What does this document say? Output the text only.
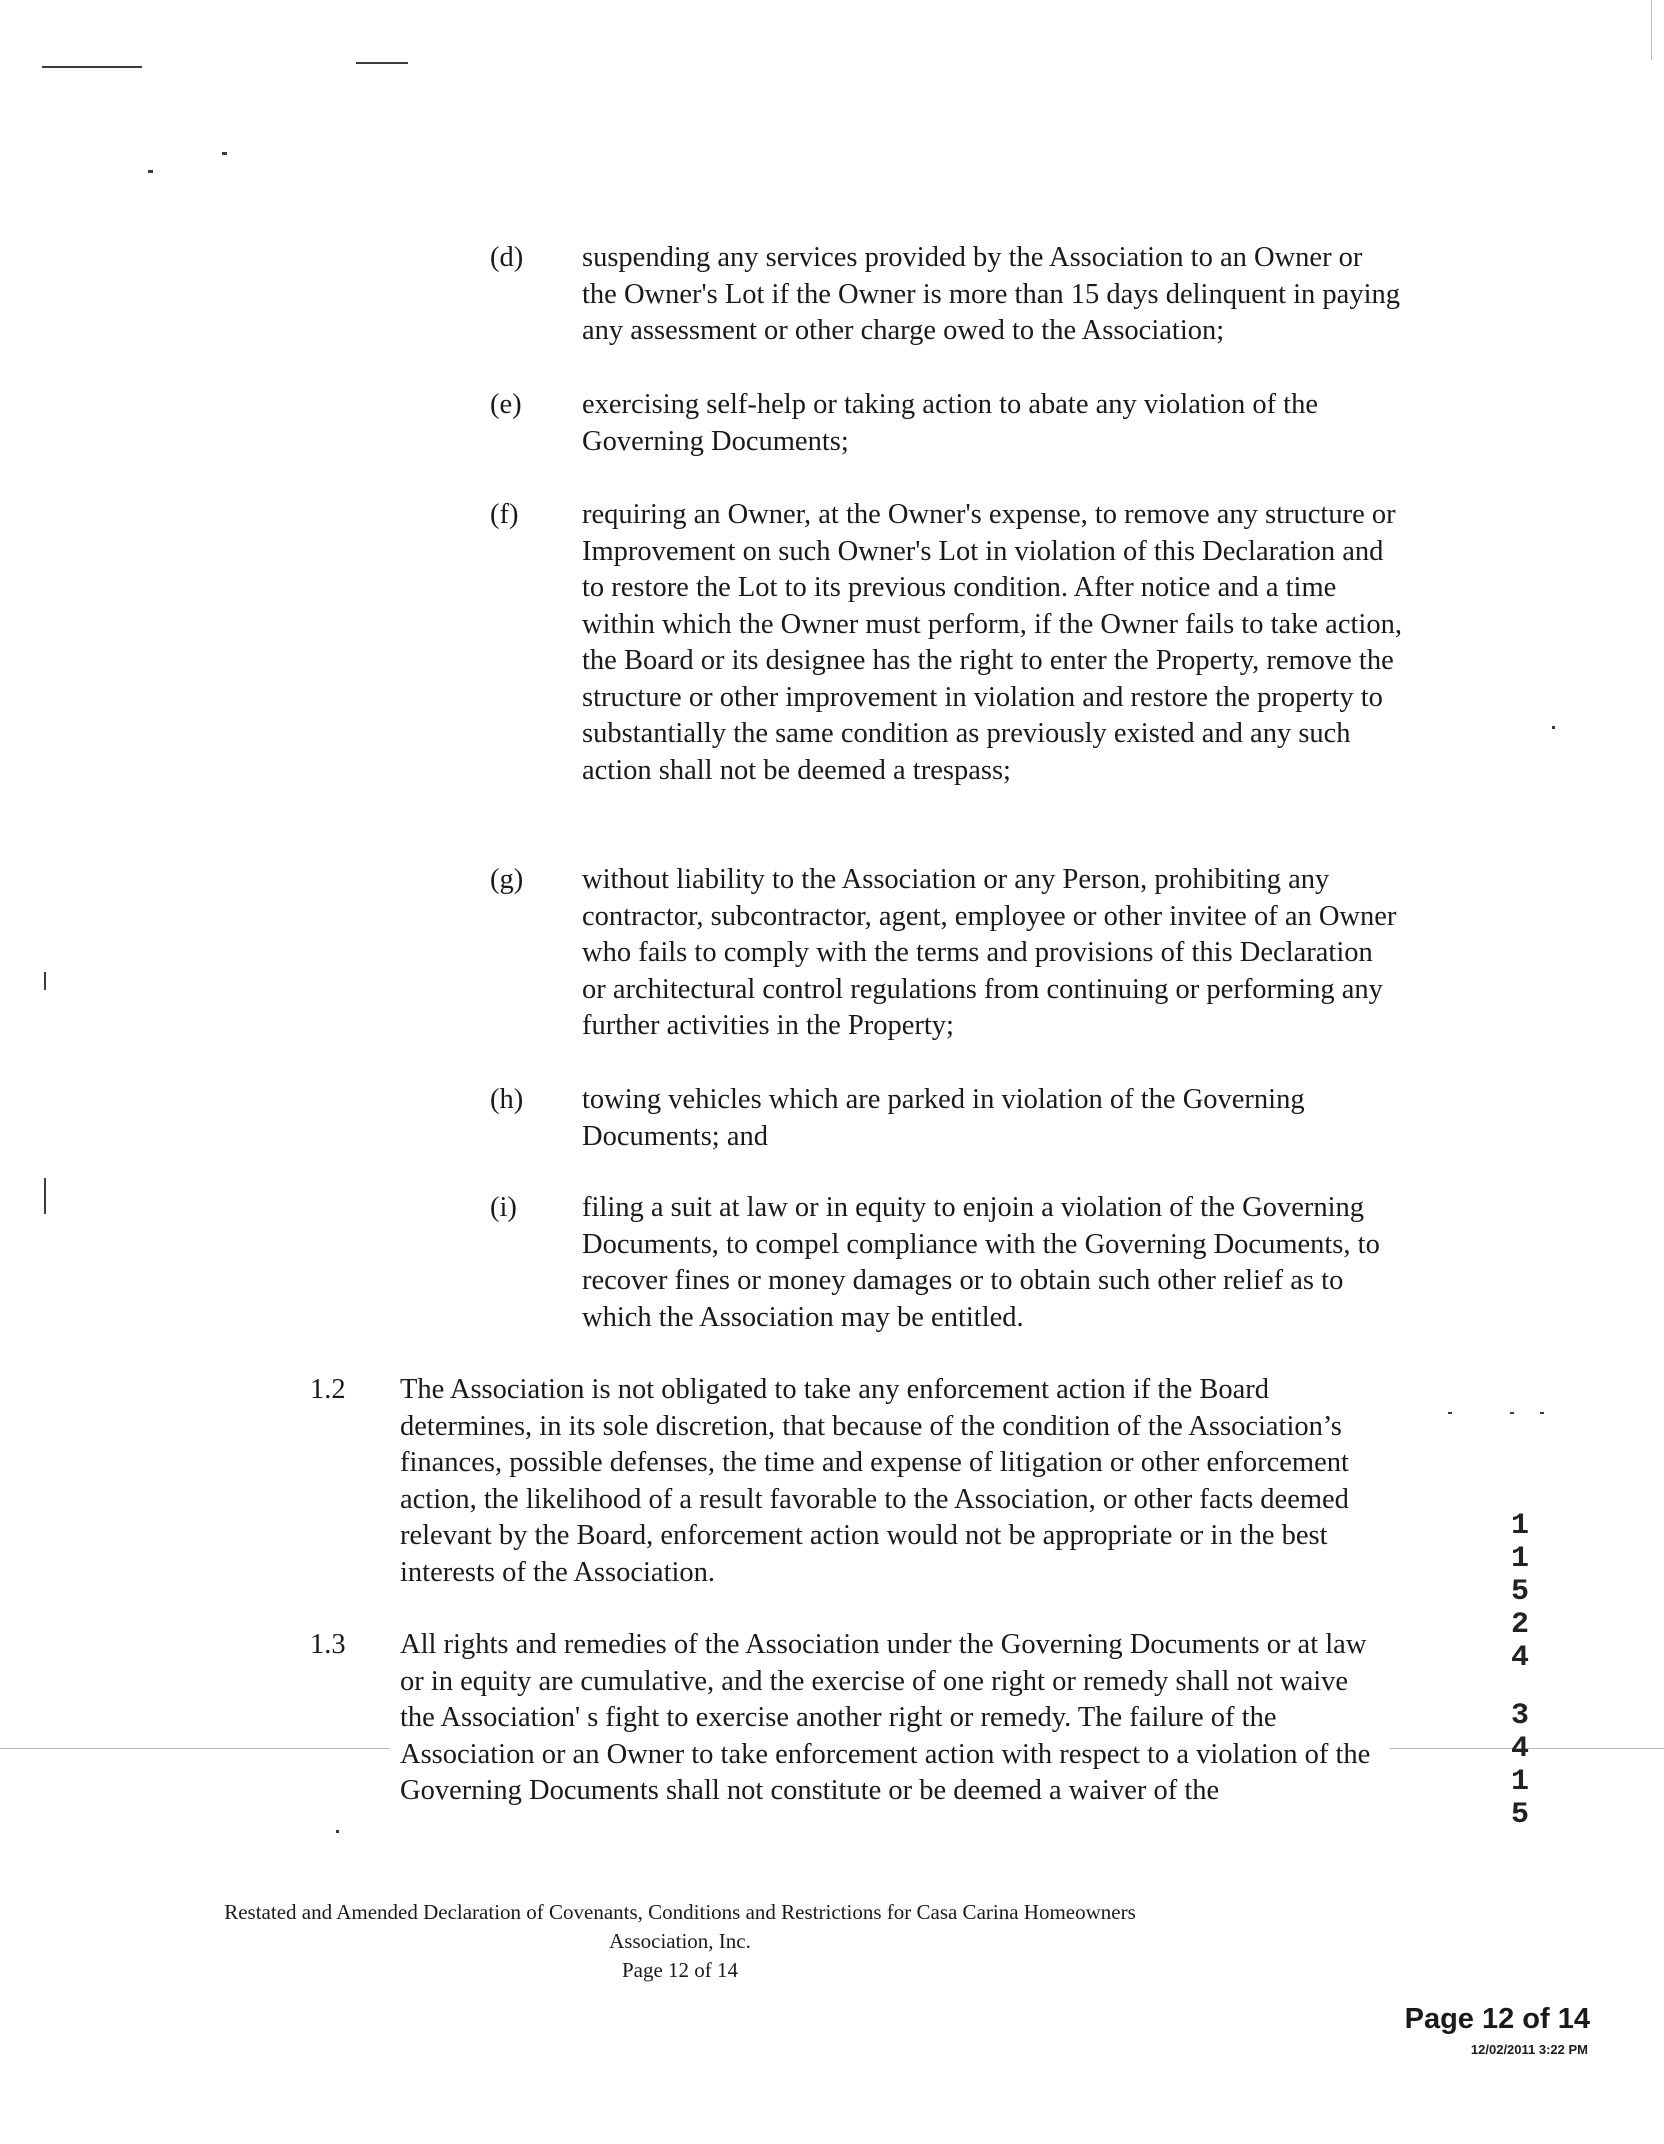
(d)	suspending any services provided by the Association to an Owner or the Owner's Lot if the Owner is more than 15 days delinquent in paying any assessment or other charge owed to the Association;
(e)	exercising self-help or taking action to abate any violation of the Governing Documents;
(f)	requiring an Owner, at the Owner's expense, to remove any structure or Improvement on such Owner's Lot in violation of this Declaration and to restore the Lot to its previous condition. After notice and a time within which the Owner must perform, if the Owner fails to take action, the Board or its designee has the right to enter the Property, remove the structure or other improvement in violation and restore the property to substantially the same condition as previously existed and any such action shall not be deemed a trespass;
(g)	without liability to the Association or any Person, prohibiting any contractor, subcontractor, agent, employee or other invitee of an Owner who fails to comply with the terms and provisions of this Declaration or architectural control regulations from continuing or performing any further activities in the Property;
(h)	towing vehicles which are parked in violation of the Governing Documents; and
(i)	filing a suit at law or in equity to enjoin a violation of the Governing Documents, to compel compliance with the Governing Documents, to recover fines or money damages or to obtain such other relief as to which the Association may be entitled.
1.2	The Association is not obligated to take any enforcement action if the Board determines, in its sole discretion, that because of the condition of the Association’s finances, possible defenses, the time and expense of litigation or other enforcement action, the likelihood of a result favorable to the Association, or other facts deemed relevant by the Board, enforcement action would not be appropriate or in the best interests of the Association.
1.3	All rights and remedies of the Association under the Governing Documents or at law or in equity are cumulative, and the exercise of one right or remedy shall not waive the Association' s fight to exercise another right or remedy. The failure of the Association or an Owner to take enforcement action with respect to a violation of the Governing Documents shall not constitute or be deemed a waiver of the
1
1
5
2
4
3
4
1
5
Restated and Amended Declaration of Covenants, Conditions and Restrictions for Casa Carina Homeowners
Association, Inc.
Page 12 of 14
Page 12 of 14
12/02/2011 3:22 PM
